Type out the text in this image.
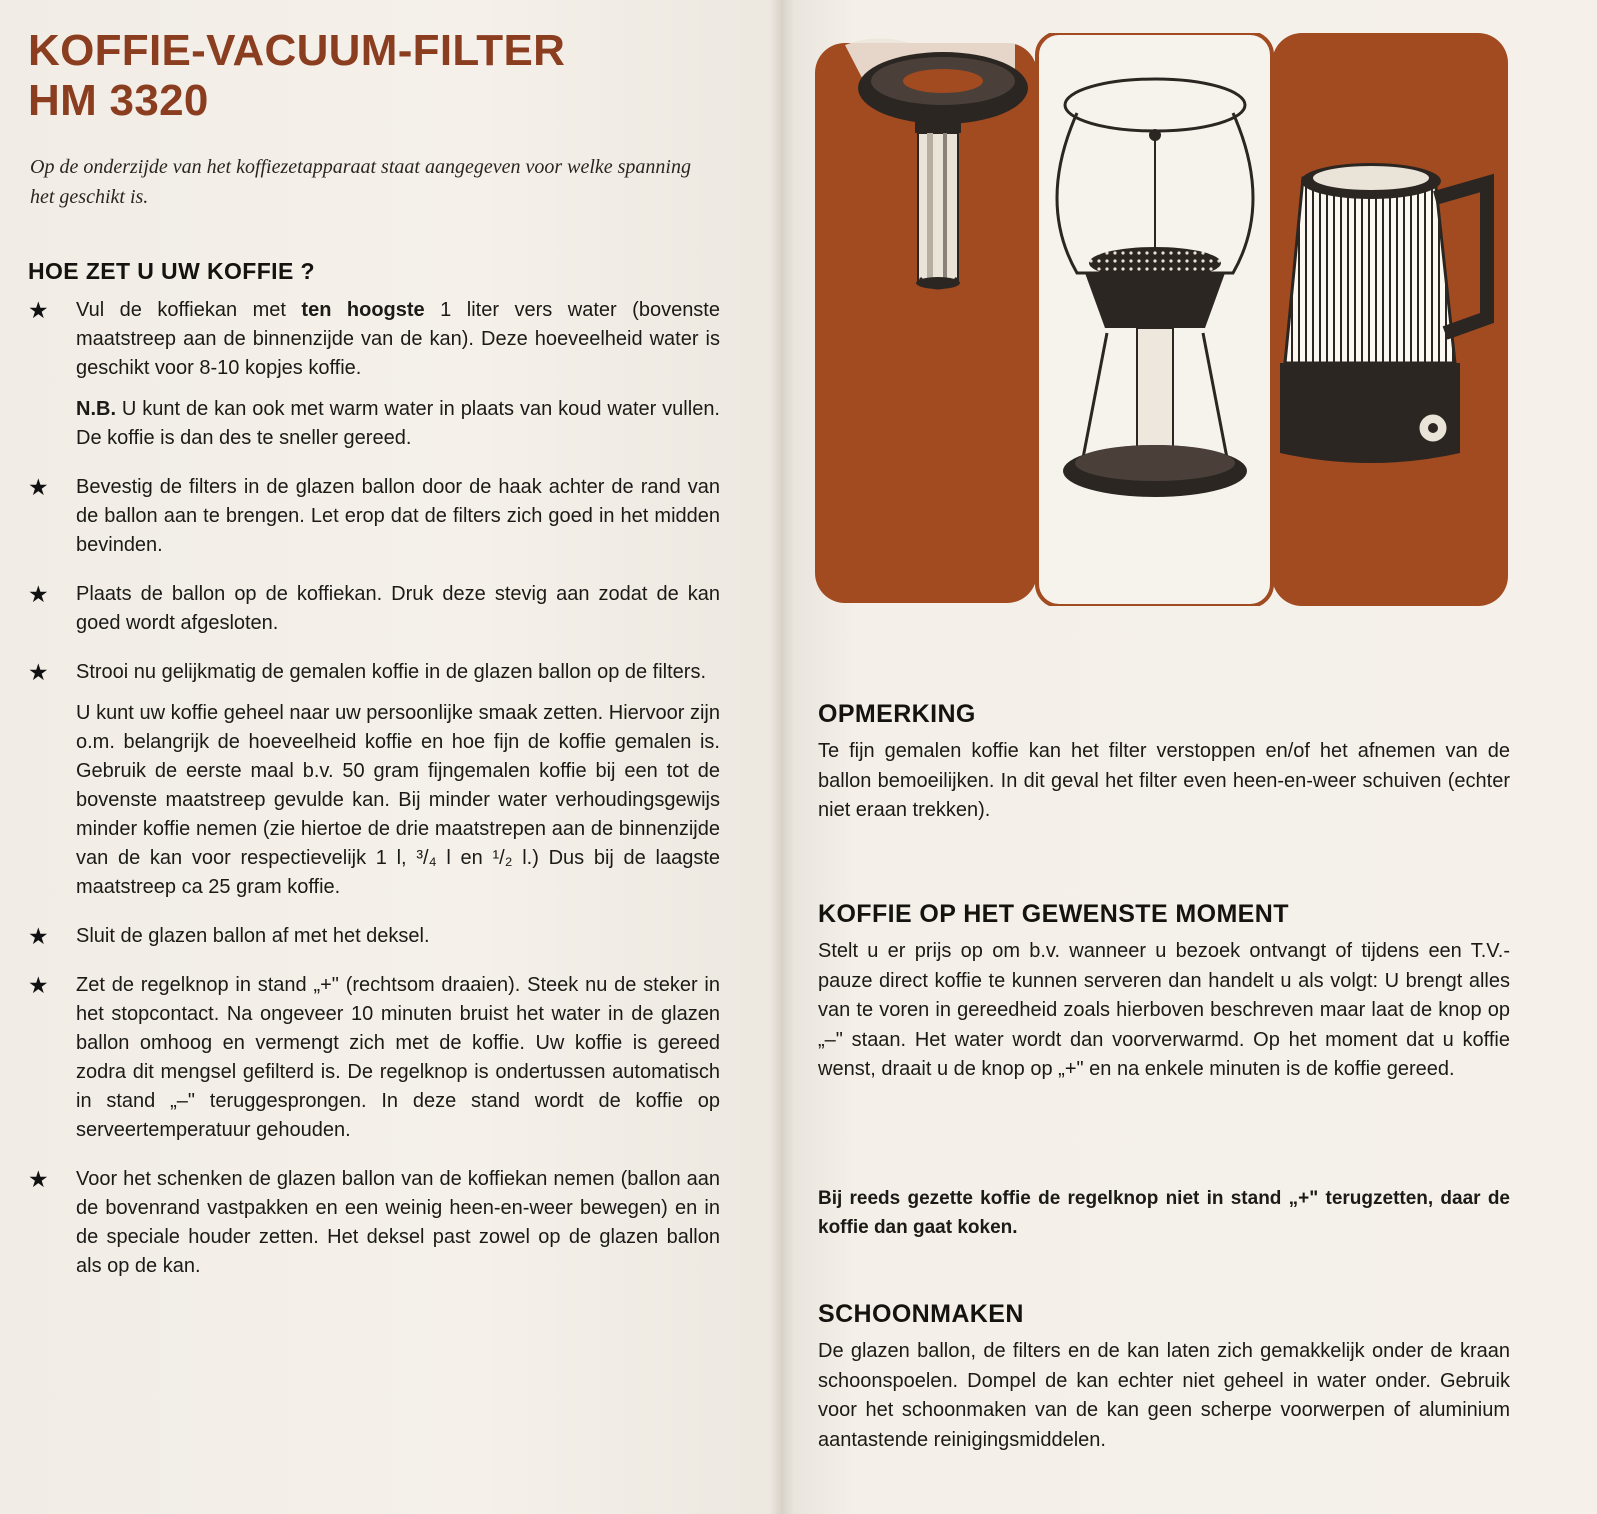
KOFFIE-VACUUM-FILTER
HM 3320

Op de onderzijde van het koffiezetapparaat staat aangegeven voor welke spanning het geschikt is.

HOE ZET U UW KOFFIE ?
★	Vul de koffiekan met ten hoogste 1 liter vers water (bovenste maatstreep aan de binnenzijde van de kan). Deze hoeveelheid water is geschikt voor 8-10 kopjes koffie.

N.B. U kunt de kan ook met warm water in plaats van koud water vullen. De koffie is dan des te sneller gereed.

★	Bevestig de filters in de glazen ballon door de haak achter de rand van de ballon aan te brengen. Let erop dat de filters zich goed in het midden bevinden.

★	Plaats de ballon op de koffiekan. Druk deze stevig aan zodat de kan goed wordt afgesloten.

★	Strooi nu gelijkmatig de gemalen koffie in de glazen ballon op de filters.

U kunt uw koffie geheel naar uw persoonlijke smaak zetten. Hiervoor zijn o.m. belangrijk de hoeveelheid koffie en hoe fijn de koffie gemalen is. Gebruik de eerste maal b.v. 50 gram fijngemalen koffie bij een tot de bovenste maatstreep gevulde kan. Bij minder water verhoudingsgewijs minder koffie nemen (zie hiertoe de drie maatstrepen aan de binnenzijde van de kan voor respectievelijk 1 l, ³/₄ l en ¹/₂ l.) Dus bij de laagste maatstreep ca 25 gram koffie.

★	Sluit de glazen ballon af met het deksel.

★	Zet de regelknop in stand „+" (rechtsom draaien). Steek nu de steker in het stopcontact. Na ongeveer 10 minuten bruist het water in de glazen ballon omhoog en vermengt zich met de koffie. Uw koffie is gereed zodra dit mengsel gefilterd is. De regelknop is ondertussen automatisch in stand „–" teruggesprongen. In deze stand wordt de koffie op serveertemperatuur gehouden.

★	Voor het schenken de glazen ballon van de koffiekan nemen (ballon aan de bovenrand vastpakken en een weinig heen-en-weer bewegen) en in de speciale houder zetten. Het deksel past zowel op de glazen ballon als op de kan.

OPMERKING

Te fijn gemalen koffie kan het filter verstoppen en/of het afnemen van de ballon bemoeilijken. In dit geval het filter even heen-en-weer schuiven (echter niet eraan trekken).

KOFFIE OP HET GEWENSTE MOMENT

Stelt u er prijs op om b.v. wanneer u bezoek ontvangt of tijdens een T.V.-pauze direct koffie te kunnen serveren dan handelt u als volgt: U brengt alles van te voren in gereedheid zoals hierboven beschreven maar laat de knop op „–" staan. Het water wordt dan voorverwarmd. Op het moment dat u koffie wenst, draait u de knop op „+" en na enkele minuten is de koffie gereed.

Bij reeds gezette koffie de regelknop niet in stand „+" terugzetten, daar de koffie dan gaat koken.

SCHOONMAKEN

De glazen ballon, de filters en de kan laten zich gemakkelijk onder de kraan schoonspoelen. Dompel de kan echter niet geheel in water onder. Gebruik voor het schoonmaken van de kan geen scherpe voorwerpen of aluminium aantastende reinigingsmiddelen.
